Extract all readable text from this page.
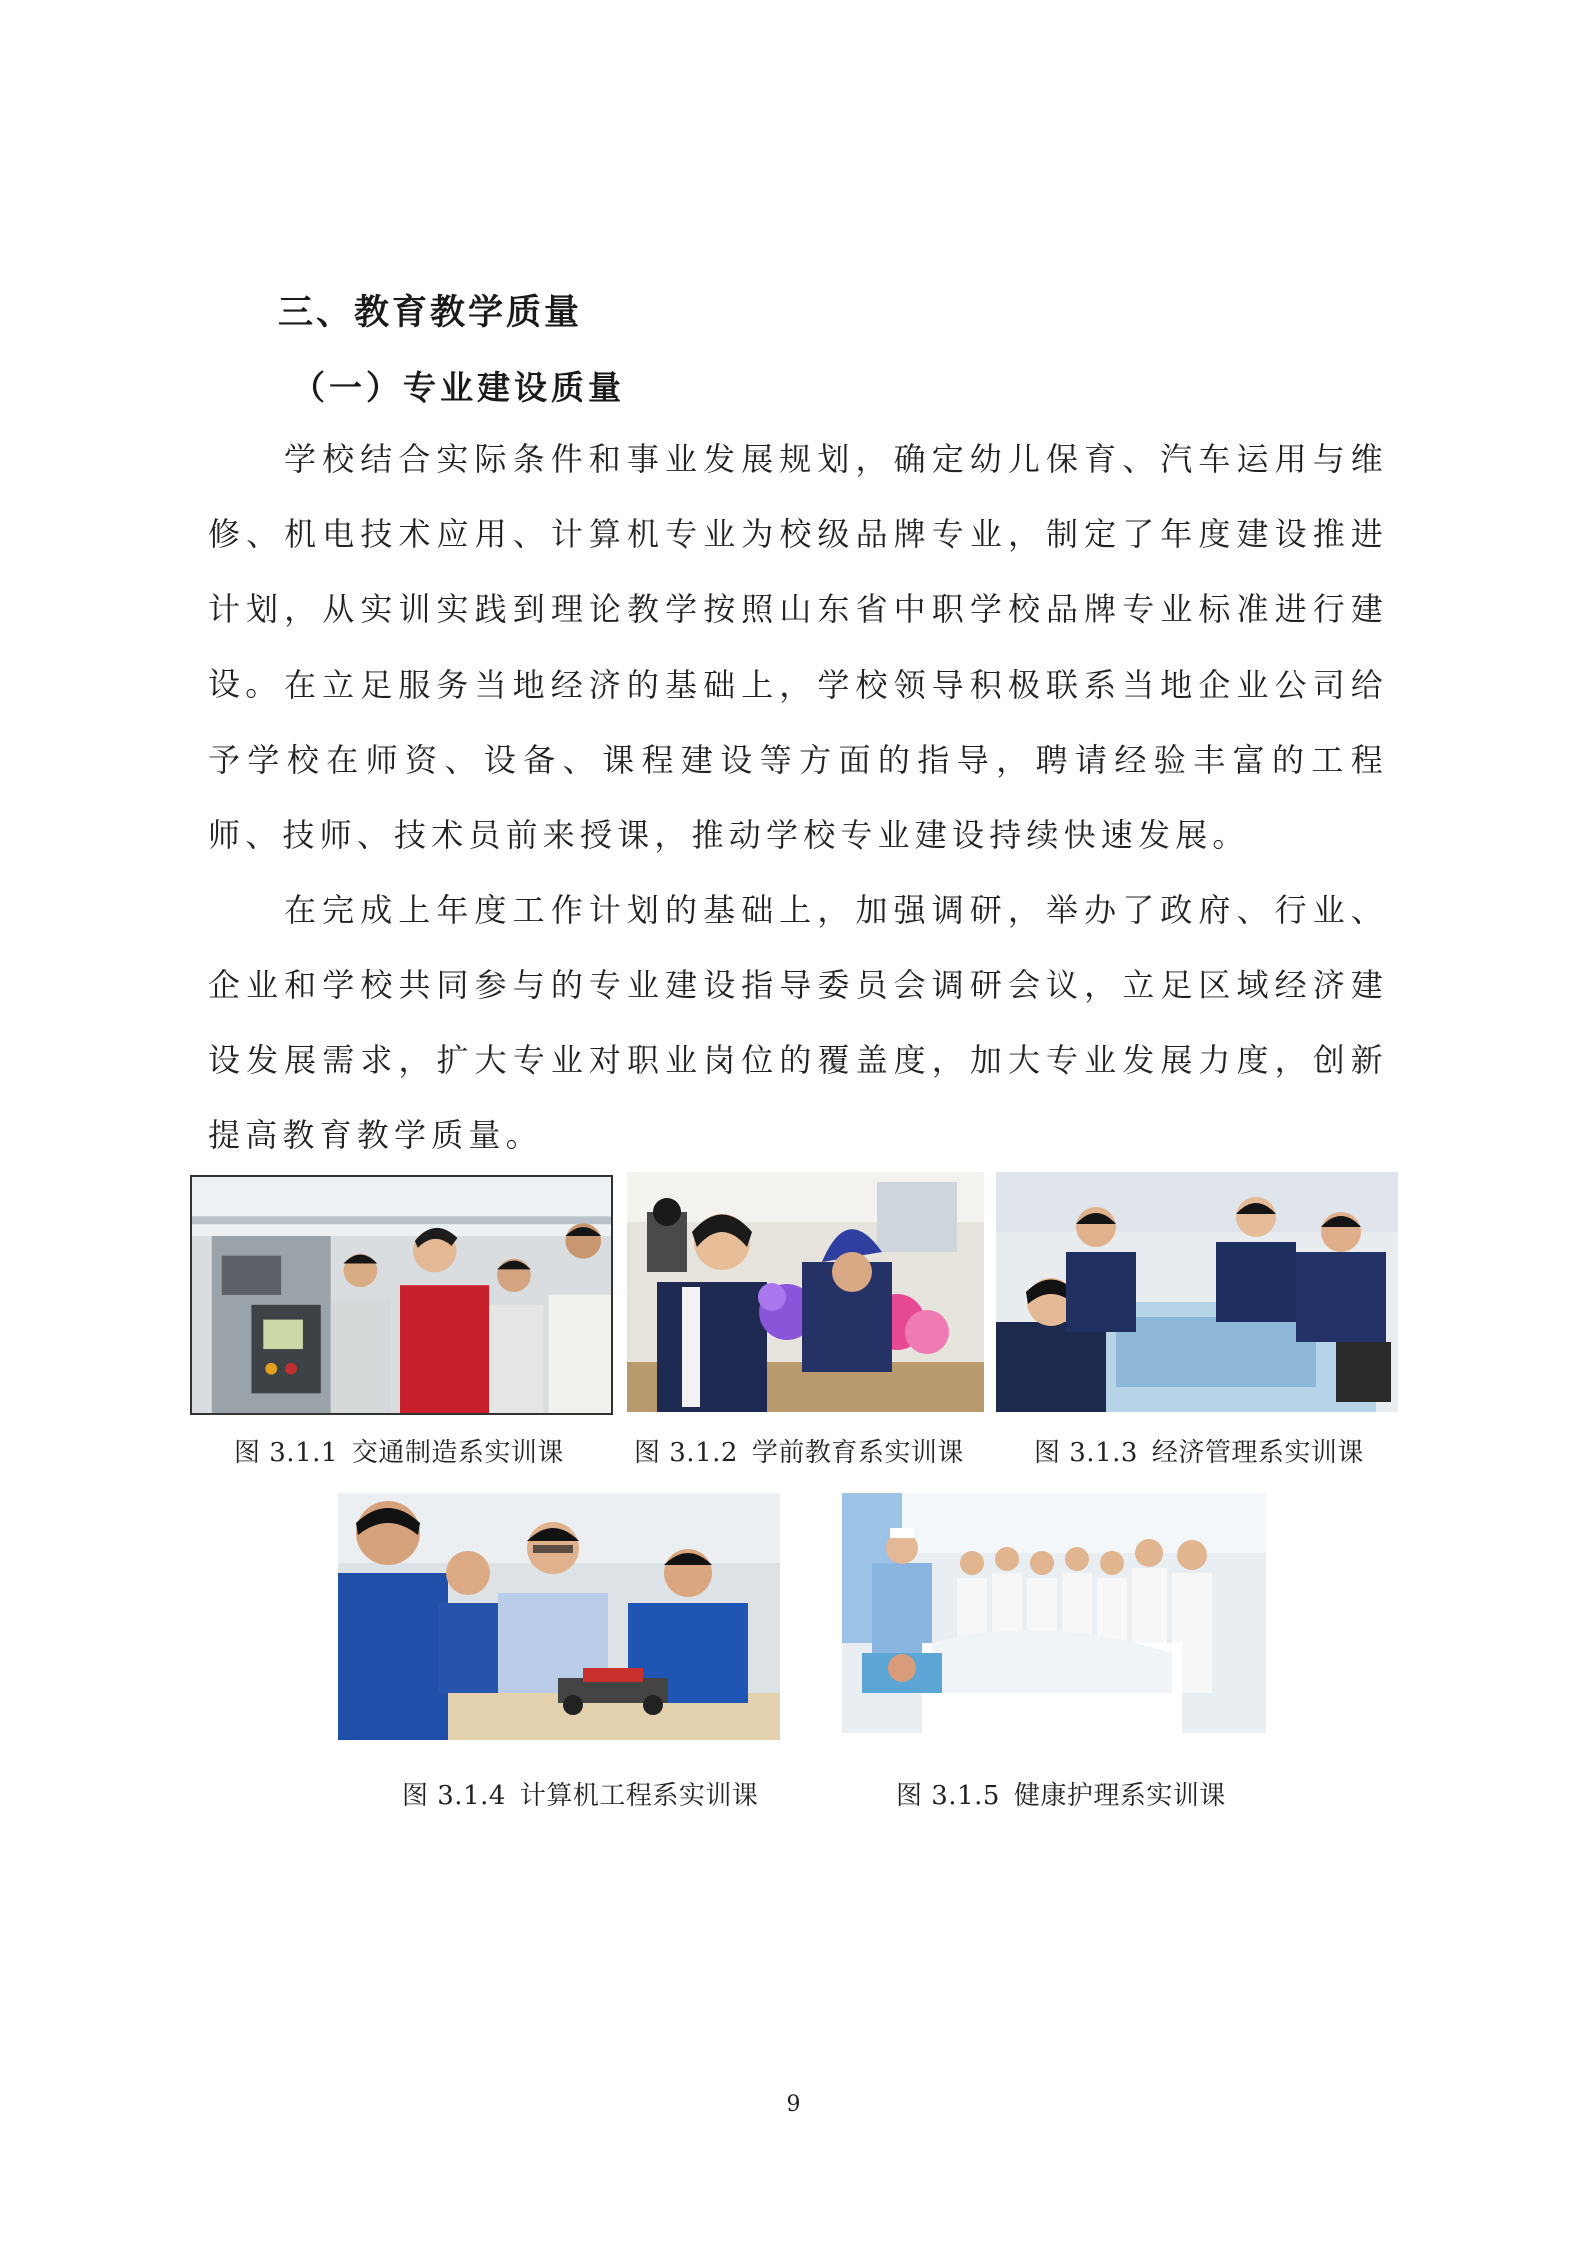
三、教育教学质量
（一）专业建设质量

学校结合实际条件和事业发展规划，确定幼儿保育、汽车运用与维修、机电技术应用、计算机专业为校级品牌专业，制定了年度建设推进计划，从实训实践到理论教学按照山东省中职学校品牌专业标准进行建设。 在立足服务当地经济的基础上，学校领导积极联系当地企业公司给予学校在师资、设备、课程建设等方面的指导，聘请经验丰富的工程师、技师、技术员前来授课，推动学校专业建设持续快速发展。

在完成上年度工作计划的基础上，加强调研，举办了政府、行业、企业和学校共同参与的专业建设指导委员会调研会议，立足区域经济建设发展需求，扩大专业对职业岗位的覆盖度，加大专业发展力度，创新提高教育教学质量。

图 3.1.1 交通制造系实训课	图 3.1.2 学前教育系实训课	图 3.1.3 经济管理系实训课
图 3.1.4 计算机工程系实训课	图 3.1.5 健康护理系实训课
9
